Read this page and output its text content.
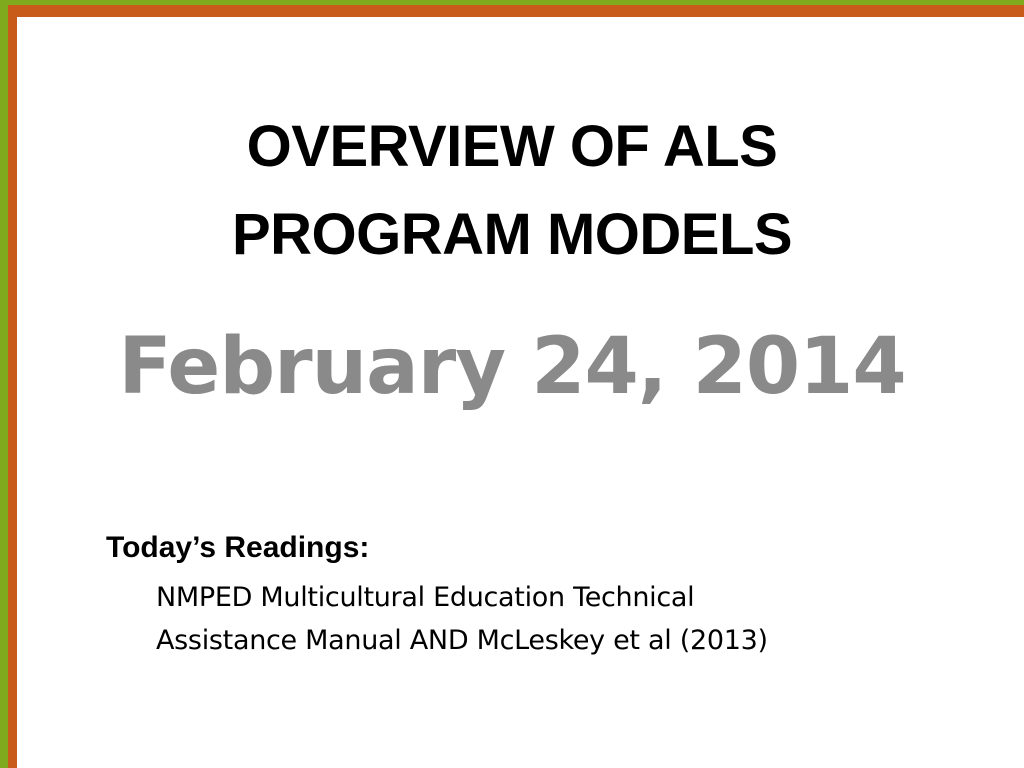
OVERVIEW OF ALS
PROGRAM MODELS
February 24, 2014
Today’s Readings:
NMPED Multicultural Education Technical
Assistance Manual AND McLeskey et al (2013)
